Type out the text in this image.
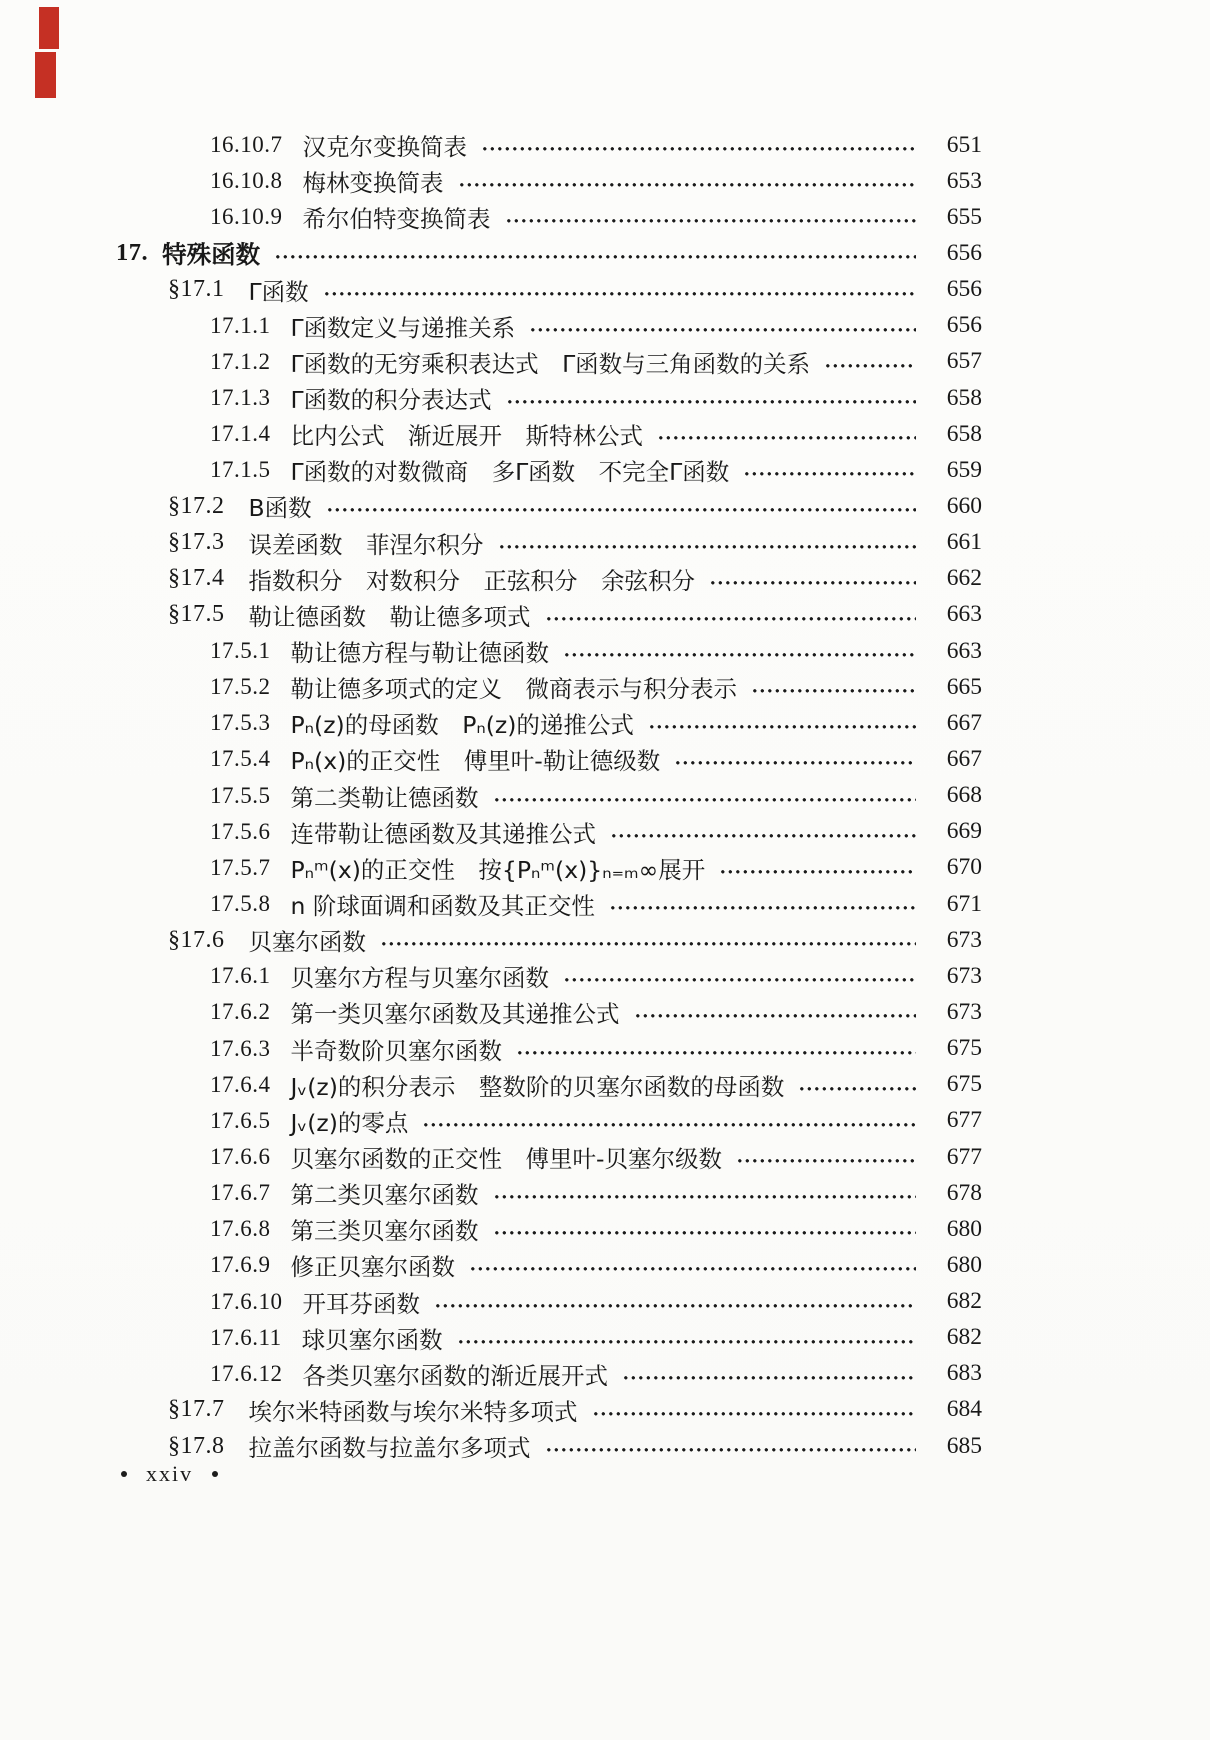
16.10.7 汉克尔变换简表	651
16.10.8 梅林变换简表	653
16.10.9 希尔伯特变换简表	655
17. 特殊函数	656
§17.1 Γ函数	656
17.1.1 Γ函数定义与递推关系	656
17.1.2 Γ函数的无穷乘积表达式 Γ函数与三角函数的关系	657
17.1.3 Γ函数的积分表达式	658
17.1.4 比内公式 渐近展开 斯特林公式	658
17.1.5 Γ函数的对数微商 多Γ函数 不完全Γ函数	659
§17.2 B函数	660
§17.3 误差函数 菲涅尔积分	661
§17.4 指数积分 对数积分 正弦积分 余弦积分	662
§17.5 勒让德函数 勒让德多项式	663
17.5.1 勒让德方程与勒让德函数	663
17.5.2 勒让德多项式的定义 微商表示与积分表示	665
17.5.3 Pₙ(z)的母函数 Pₙ(z)的递推公式	667
17.5.4 Pₙ(x)的正交性 傅里叶-勒让德级数	667
17.5.5 第二类勒让德函数	668
17.5.6 连带勒让德函数及其递推公式	669
17.5.7 Pₙᵐ(x)的正交性 按{Pₙᵐ(x)}ₙ₌ₘ∞展开	670
17.5.8 n 阶球面调和函数及其正交性	671
§17.6 贝塞尔函数	673
17.6.1 贝塞尔方程与贝塞尔函数	673
17.6.2 第一类贝塞尔函数及其递推公式	673
17.6.3 半奇数阶贝塞尔函数	675
17.6.4 Jᵥ(z)的积分表示 整数阶的贝塞尔函数的母函数	675
17.6.5 Jᵥ(z)的零点	677
17.6.6 贝塞尔函数的正交性 傅里叶-贝塞尔级数	677
17.6.7 第二类贝塞尔函数	678
17.6.8 第三类贝塞尔函数	680
17.6.9 修正贝塞尔函数	680
17.6.10 开耳芬函数	682
17.6.11 球贝塞尔函数	682
17.6.12 各类贝塞尔函数的渐近展开式	683
§17.7 埃尔米特函数与埃尔米特多项式	684
§17.8 拉盖尔函数与拉盖尔多项式	685
xxiv
